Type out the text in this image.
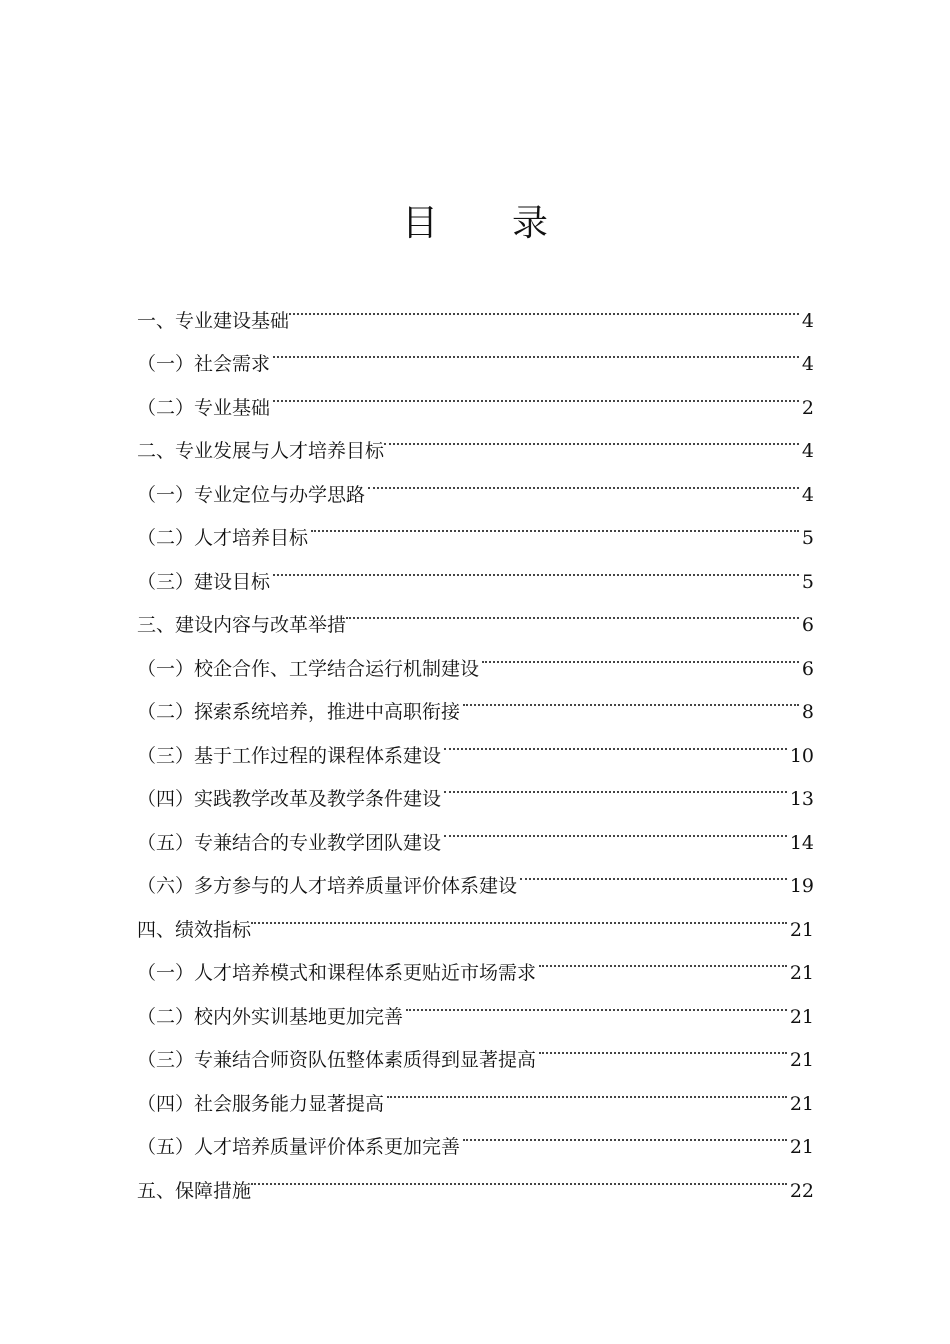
目 录
一、专业建设基础	4
（一）社会需求	4
（二）专业基础	2
二、专业发展与人才培养目标	4
（一）专业定位与办学思路	4
（二）人才培养目标	5
（三）建设目标	5
三、建设内容与改革举措	6
（一）校企合作、工学结合运行机制建设	6
（二）探索系统培养，推进中高职衔接	8
（三）基于工作过程的课程体系建设	10
（四）实践教学改革及教学条件建设	13
（五）专兼结合的专业教学团队建设	14
（六）多方参与的人才培养质量评价体系建设	19
四、绩效指标	21
（一）人才培养模式和课程体系更贴近市场需求	21
（二）校内外实训基地更加完善	21
（三）专兼结合师资队伍整体素质得到显著提高	21
（四）社会服务能力显著提高	21
（五）人才培养质量评价体系更加完善	21
五、保障措施	22
